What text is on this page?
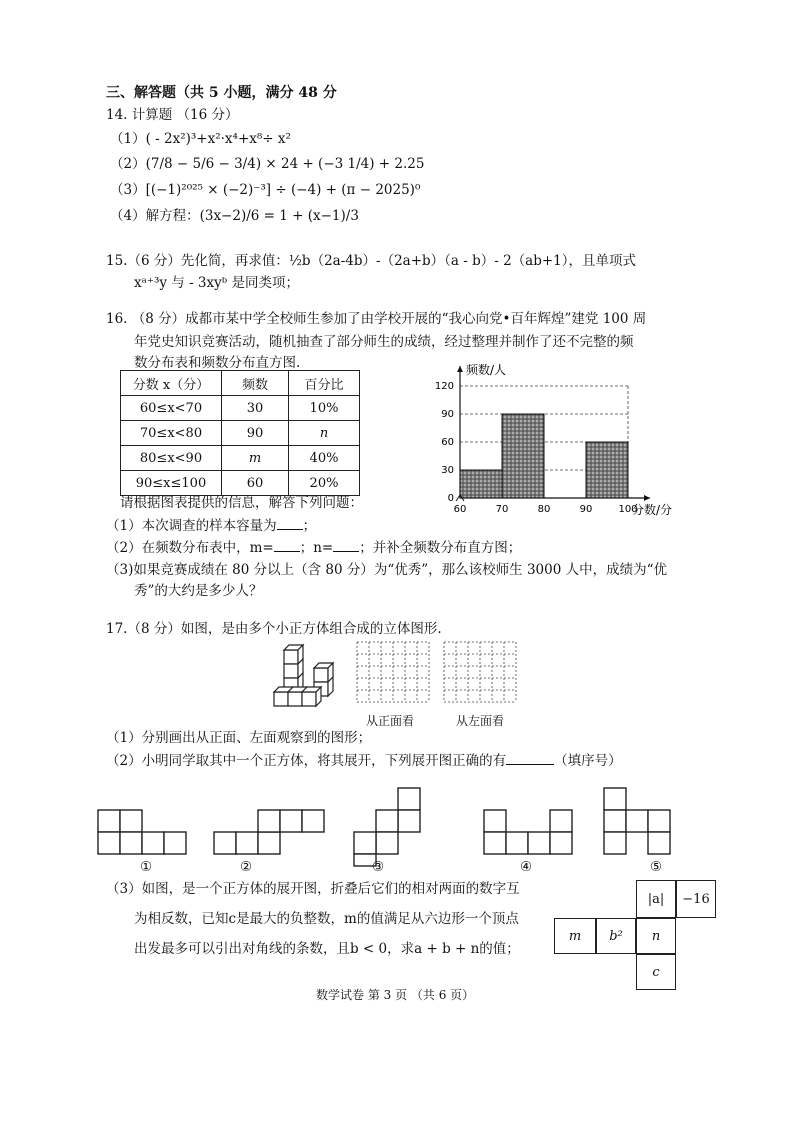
三、解答题（共 5 小题，满分 48 分
14. 计算题 （16 分）
（1）( - 2x²)³+x²·x⁴+x⁸÷ x²
（2）(7/8 − 5/6 − 3/4) × 24 + (−3 1/4) + 2.25
（3）[(−1)²⁰²⁵ × (−2)⁻³] ÷ (−4) + (π − 2025)⁰
（4）解方程：(3x−2)/6 = 1 + (x−1)/3
15.（6 分）先化简，再求值：½b（2a-4b）-（2a+b）（a - b）- 2（ab+1），且单项式
xᵃ⁺³y 与 - 3xyᵇ 是同类项；
16. （8 分）成都市某中学全校师生参加了由学校开展的“我心向党•百年辉煌”建党 100 周
年党史知识竞赛活动，随机抽查了部分师生的成绩，经过整理并制作了还不完整的频
数分布表和频数分布直方图.
分数 x（分）	频数	百分比
60≤x<70	30	10%
70≤x<80	90	n
80≤x<90	m	40%
90≤x≤100	60	20%
0
30
60
90
120
60	70	80	90	100
频数/人
分数/分
请根据图表提供的信息，解答下列问题：
（1）本次调查的样本容量为 ；
（2）在频数分布表中，m= ；n= ；并补全频数分布直方图；
（3)如果竞赛成绩在 80 分以上（含 80 分）为“优秀”，那么该校师生 3000 人中，成绩为“优
秀”的大约是多少人？
17.（8 分）如图，是由多个小正方体组合成的立体图形.
从正面看	从左面看
（1）分别画出从正面、左面观察到的图形；
（2）小明同学取其中一个正方体，将其展开，下列展开图正确的有	（填序号）
①	②	③	④	⑤
（3）如图，是一个正方体的展开图，折叠后它们的相对两面的数字互
为相反数，已知c是最大的负整数，m的值满足从六边形一个顶点
出发最多可以引出对角线的条数，且b < 0，求a + b + n的值；
|a|	−16
m	b²	n
c
数学试卷 第 3 页 （共 6 页）
